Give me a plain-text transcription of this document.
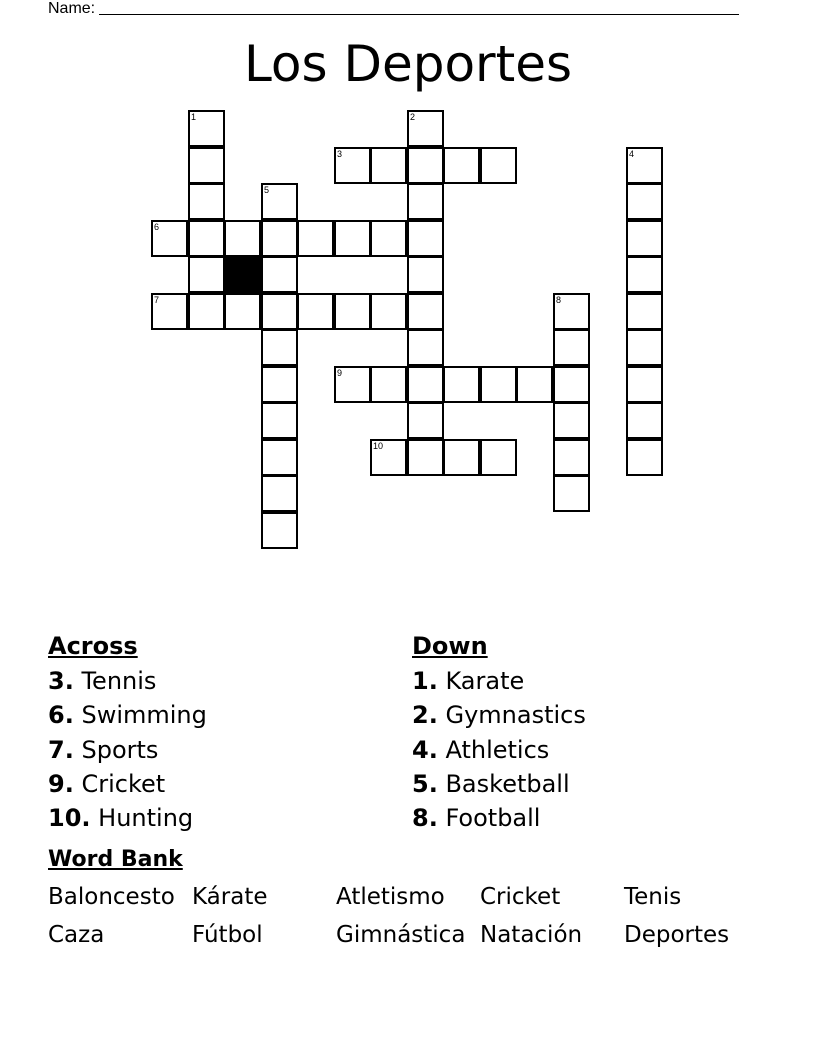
Name:
Los Deportes
1	2
3	4
5
6
7	8
9
10
Across
3. Tennis
6. Swimming
7. Sports
9. Cricket
10. Hunting
Down
1. Karate
2. Gymnastics
4. Athletics
5. Basketball
8. Football
Word Bank
Baloncesto Kárate	Atletismo	Cricket	Tenis
Caza	Fútbol	Gimnástica Natación	Deportes
